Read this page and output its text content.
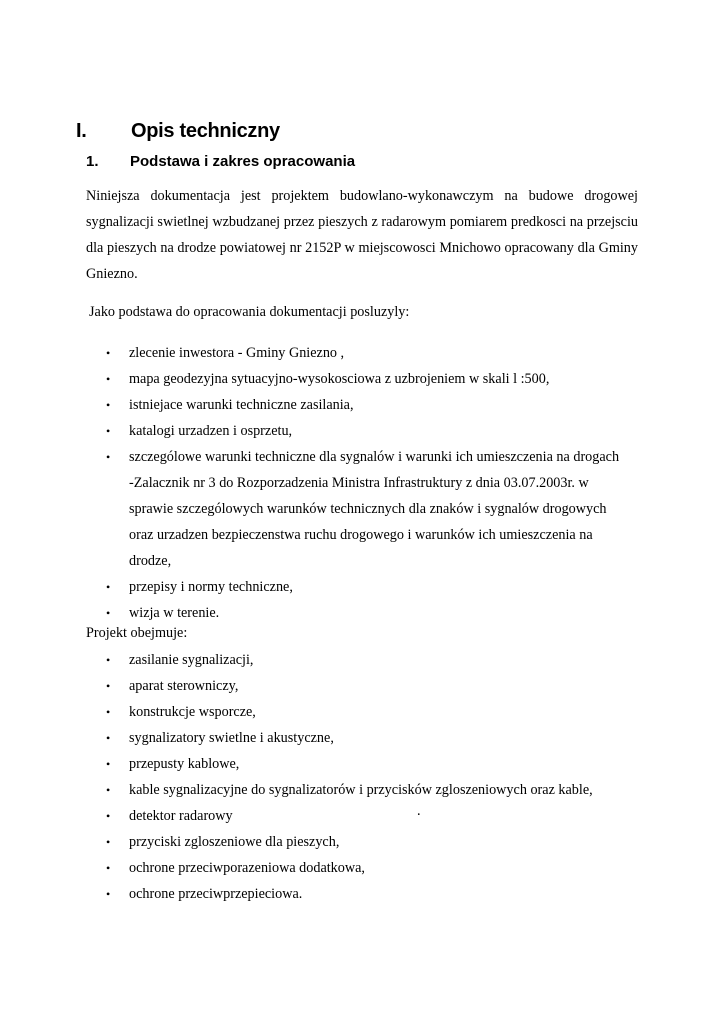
I. Opis techniczny
1. Podstawa i zakres opracowania

Niniejsza dokumentacja jest projektem budowlano-wykonawczym na budowe drogowej sygnalizacji swietlnej wzbudzanej przez pieszych z radarowym pomiarem predkosci na przejsciu dla pieszych na drodze powiatowej nr 2152P w miejscowosci Mnichowo opracowany dla Gminy Gniezno.

Jako podstawa do opracowania dokumentacji posluzyly:

• zlecenie inwestora - Gminy Gniezno ,
• mapa geodezyjna sytuacyjno-wysokosciowa z uzbrojeniem w skali l :500,
• istniejace warunki techniczne zasilania,
• katalogi urzadzen i osprzetu,
• szczególowe warunki techniczne dla sygnalów i warunki ich umieszczenia na drogach
-Zalacznik nr 3 do Rozporzadzenia Ministra Infrastruktury z dnia 03.07.2003r. w
sprawie szczególowych warunków technicznych dla znaków i sygnalów drogowych
oraz urzadzen bezpieczenstwa ruchu drogowego i warunków ich umieszczenia na
drodze,
• przepisy i normy techniczne,
• wizja w terenie.

Projekt obejmuje:

• zasilanie sygnalizacji,
• aparat sterowniczy,
• konstrukcje wsporcze,
• sygnalizatory swietlne i akustyczne,
• przepusty kablowe,
• kable sygnalizacyjne do sygnalizatorów i przycisków zgloszeniowych oraz kable,
• detektor radarowy	.
• przyciski zgloszeniowe dla pieszych,
• ochrone przeciwporazeniowa dodatkowa,
• ochrone przeciwprzepieciowa.
